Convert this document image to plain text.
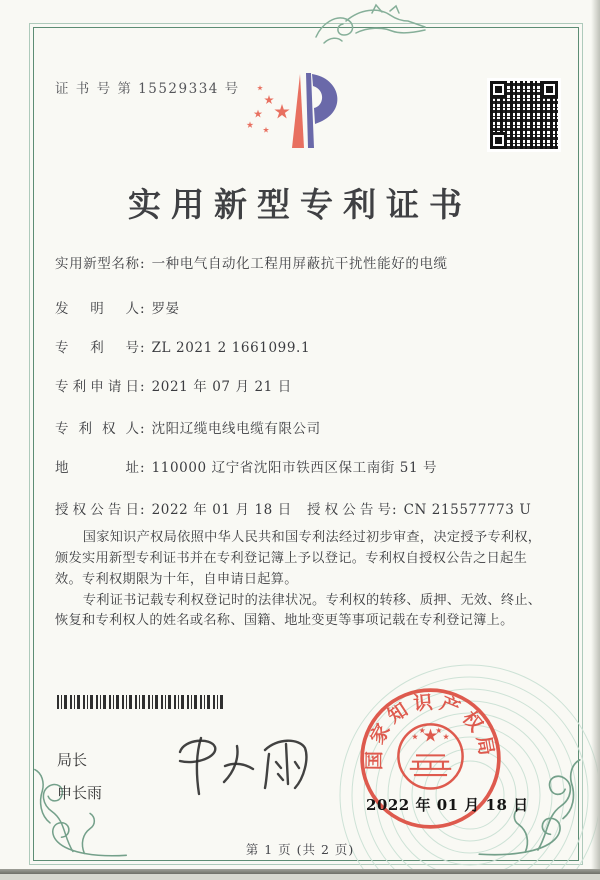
证 书 号 第 15529334 号
实用新型专利证书
实用新型名称: 一种电气自动化工程用屏蔽抗干扰性能好的电缆
发明人: 罗晏
专利号: ZL 2021 2 1661099.1
专利申请日: 2021 年 07 月 21 日
专利权人: 沈阳辽缆电线电缆有限公司
地址: 110000 辽宁省沈阳市铁西区保工南街 51 号
授权公告日: 2022 年 01 月 18 日	授权公告号: CN 215577773 U

国家知识产权局依照中华人民共和国专利法经过初步审查，决定授予专利权，颁发实用新型专利证书并在专利登记簿上予以登记。专利权自授权公告之日起生效。专利权期限为十年，自申请日起算。

专利证书记载专利权登记时的法律状况。专利权的转移、质押、无效、终止、恢复和专利权人的姓名或名称、国籍、地址变更等事项记载在专利登记簿上。

局长
申长雨
国家知识产权局
2022 年 01 月 18 日
第 1 页 (共 2 页)
